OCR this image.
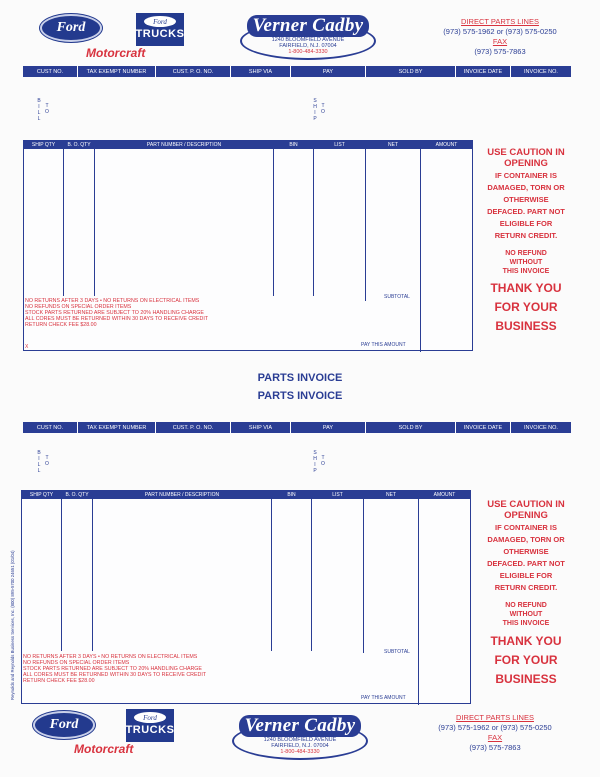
Ford	Ford
TRUCKS
Motorcraft
Verner Cadby
1240 BLOOMFIELD AVENUE
FAIRFIELD, N.J. 07004
1-800-484-3330
DIRECT PARTS LINES
(973) 575-1962 or (973) 575-0250
FAX
(973) 575-7863
CUST NO.	TAX EXEMPT NUMBER	CUST. P. O. NO.	SHIP VIA	PAY	SOLD BY	INVOICE DATE	INVOICE NO.
B
I
L
L
T
O
S
H
I
P
T
O
SHIP QTY	B. O. QTY	PART NUMBER / DESCRIPTION	BIN	LIST	NET	AMOUNT
NO RETURNS AFTER 3 DAYS • NO RETURNS ON ELECTRICAL ITEMS
NO REFUNDS ON SPECIAL ORDER ITEMS
STOCK PARTS RETURNED ARE SUBJECT TO 20% HANDLING CHARGE
ALL CORES MUST BE RETURNED WITHIN 30 DAYS TO RECEIVE CREDIT
RETURN CHECK FEE $28.00
SUBTOTAL
PAY THIS AMOUNT
X
USE CAUTION IN
OPENING
IF CONTAINER IS
DAMAGED, TORN OR
OTHERWISE
DEFACED. PART NOT
ELIGIBLE FOR
RETURN CREDIT.
NO REFUND
WITHOUT
THIS INVOICE
THANK YOU
FOR YOUR
BUSINESS
PARTS INVOICE
PARTS INVOICE
CUST NO.	TAX EXEMPT NUMBER	CUST. P. O. NO.	SHIP VIA	PAY	SOLD BY	INVOICE DATE	INVOICE NO.
B
I
L
L
T
O
S
H
I
P
T
O
SHIP QTY	B. O. QTY	PART NUMBER / DESCRIPTION	BIN	LIST	NET	AMOUNT
NO RETURNS AFTER 3 DAYS • NO RETURNS ON ELECTRICAL ITEMS
NO REFUNDS ON SPECIAL ORDER ITEMS
STOCK PARTS RETURNED ARE SUBJECT TO 20% HANDLING CHARGE
ALL CORES MUST BE RETURNED WITHIN 30 DAYS TO RECEIVE CREDIT
RETURN CHECK FEE $28.00
SUBTOTAL
PAY THIS AMOUNT
USE CAUTION IN
OPENING
IF CONTAINER IS
DAMAGED, TORN OR
OTHERWISE
DEFACED. PART NOT
ELIGIBLE FOR
RETURN CREDIT.
NO REFUND
WITHOUT
THIS INVOICE
THANK YOU
FOR YOUR
BUSINESS
Reynolds and Reynolds Business Services, Inc. (800) 895-5700 24651 (01/04)
Ford	Ford
TRUCKS
Motorcraft
Verner Cadby
1240 BLOOMFIELD AVENUE
FAIRFIELD, N.J. 07004
1-800-484-3330
DIRECT PARTS LINES
(973) 575-1962 or (973) 575-0250
FAX
(973) 575-7863
